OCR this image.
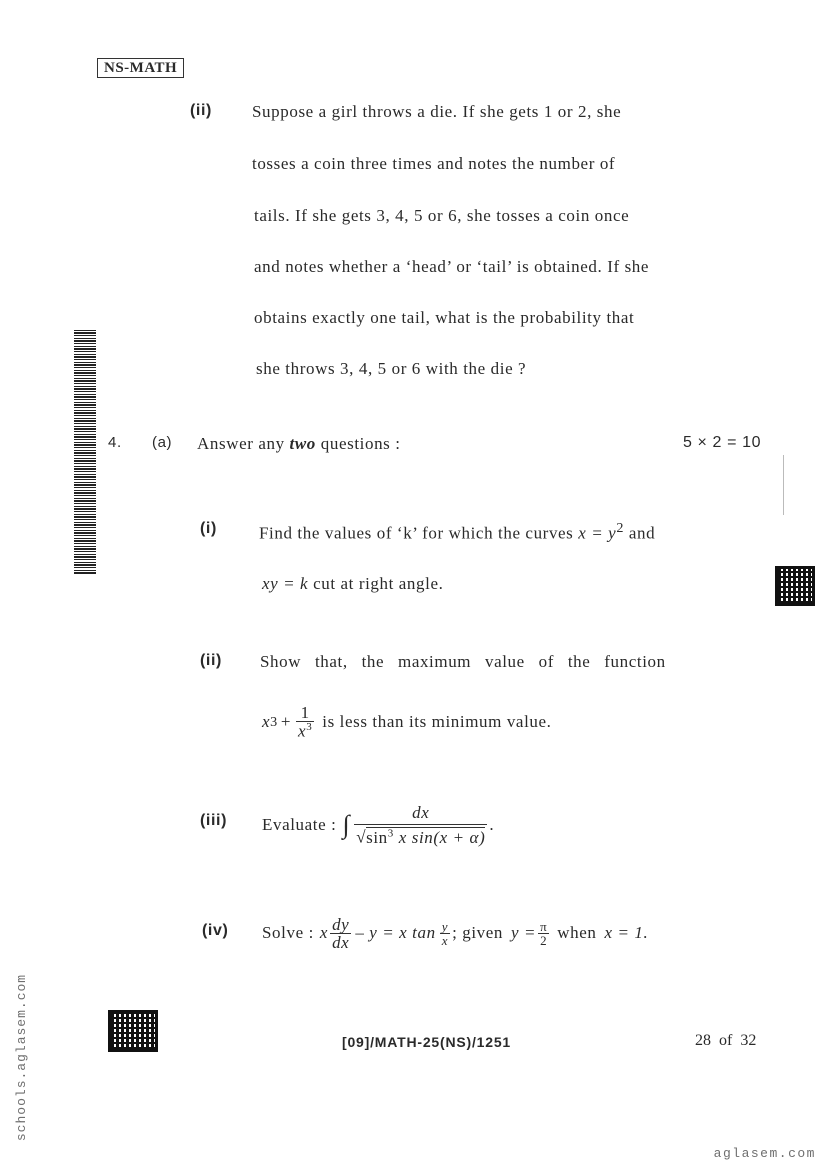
NS-MATH
(ii) Suppose a girl throws a die. If she gets 1 or 2, she
tosses a coin three times and notes the number of
tails. If she gets 3, 4, 5 or 6, she tosses a coin once
and notes whether a ‘head’ or ‘tail’ is obtained. If she
obtains exactly one tail, what is the probability that
she throws 3, 4, 5 or 6 with the die ?
4. (a) Answer any two questions :	5 × 2 = 10
(i) Find the values of ‘k’ for which the curves $x = y^2$ and
xy = k cut at right angle.
(ii) Show that, the maximum value of the function
x $3 + \frac{1}{x^3}$ is less than its minimum value.
(iii) Evaluate : ∫ $\frac{dx}{√\sin^3 x \sin(x + \alpha)}$ .
(iv) Solve : x $\frac{dy}{dx} - y = x$ $\tan \frac{y}{x}$ ; given $y = \frac{\pi}{2}$ when x = 1.
[09]/MATH-25(NS)/1251	28 of 32
schools.aglasem.com
aglasem.com
